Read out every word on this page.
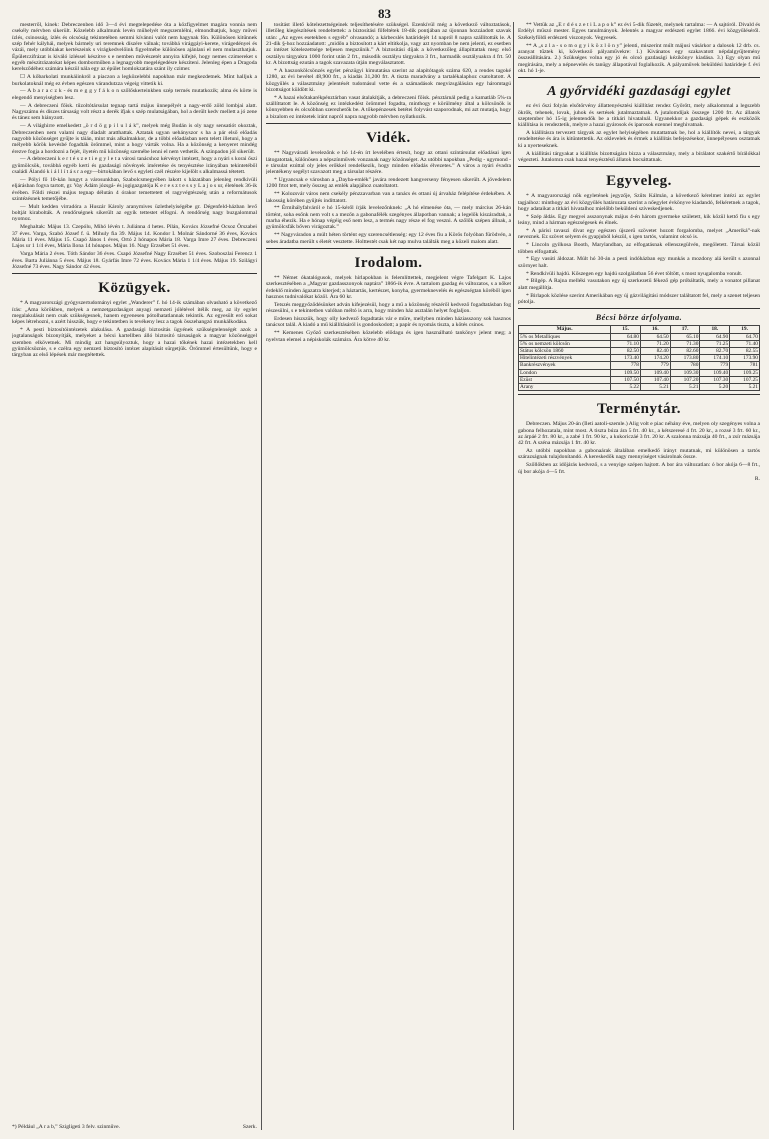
83

mesterről, kinek: Debreczenben idő 3—4 évi megtelepedése óta a közfigyelmet magára vonnia nem csekély mérvben sikerült. Közelebb alkalmunk levén műhelyét megszemlélni, elmondhatjuk, hogy művei ízlés, csinosság, ízlés és olcsóság tekintetében semmi kívánni valót nem hagynak fön. Különösen kitűnnek szép fehér kályhái, melyek bármely uri teremnek díszére válnak; továbbá virággáyi-kerete, virágedényei és vázái, mely utóbbiakat kertészeink s virágkedvelőink figyelmébe különösen ajánlani el nem mulaszthatjuk. Épületczifrázat is kiváló izléssel készítve s e nemben művészetét annyira kifejté, hogy nemes czimereket s egyéb mészitrázatokat képes domborműben a legnagyobb megelégedésre készíteni. Jelenleg épen a Dragoda kerelsződéhez számára készül nála egy az épület homlokzatára szánt ily czimer.

☐ A kőbarkolati munkáiinkról a piaczon a legközelebbi napokban már megkezdetnek. Mint halljuk a burkolatoknál még ez évben egészen várandutzza végeig vittetik ki.

— A b a r a c z k - és m e g g y f á k o n szőlőskerteinkben szép termés mutatkozik; alma és körte is elegendő menyiségben lesz.

— A debreczeni főisk. tűzoltótársulat tegnap tartá május ünnepélyét a nagy-erdő zöld lombjai alatt. Nagyszámu és díszes társaság volt részt a derék ifjak s szép mulatságában, hol a derült kedv mellett a jó zene és tánez sem hiányzott.

— A világhirre emelkedett „ö r d ö g p i l u l á k”, melyek még Budán is oly nagy sensatiót okoztak, Debreczenben nem valami nagy diadalt aratthattak. Aztatak ugyan uehányszor s ha a pár első előadás nagyobb közönséget gyűjte is táián, mint más alkalmakkor, de a többi előadásban nem telett illetuni, hogy a mélyebb körök kevésbé fogadták örömmel, mint a hogy várták volna. Ha a közönség a kenyeret mindég érezve fogja a hordozni a fejét, ilyetén mű közönség szemébe lenni el nem vethetik. A szinpadon jól sikerült.

— A debreczeni k e r t é s z e t i e g y l e t a városi tanácshoz kérvényt intézett, hogy a nyári s korai őszi gyümölcsök, továbbá egyéb kerti és gazdasági növények iméretése és tenyésztése irányában tekintetéből családi Álandó k i á l l í t á s r a egy—birtokában levő s egyleti czél részére kijelölt s alkalmassá tétetett.

— Pólyi fő 10-kán lungyt a városunkban, Szabolcsmegyében lakott s házatában jelenleg rendkívüli eljárásban fogva tartott, gr. Vay Ádám józsgá- és jogigazgatója K e r e s z t e s s y L a j o s ur, életének 36-ik évében. Földi részei május tegnap délután 4 órakor temettetett el ragyvégtészség után a reformátusok szintézésnek temetőjébe.

— Mult kedden virradóra a Huszár Károly aranymives üzlethelyiségébe gr. Dégenfeld-házban levő boltját kirabolták. A rendőrségnek sikerült az egyik tettestet elfogni. A rendőrség nagy buzgalommal nyomoz.

Meghaltak: Május 13. Czepólu, Mihó lévén t. Juliánna 4 hetes. Pilán, Kovács Józsefné Ocsoz Örszabei 37 éves. Varga, Szabó József f. ü. Mihuly fia 39. Május 14. Kondor I. Molnár Sándorné 36 éves, Kovács Mária 11 éves. Május 15. Csapó János 1 éves, Ortó 2 hónapos Mária 18. Varga Imre 27 éves. Debreczeni Lajos ur 1 1/4 éves, Mária Ilona 14 hónapos. Május 16. Nagy Erzsébet 51 éves.

Varga Mária 2 éves. Tóth Sándor 36 éves. Csapó Józsefné Nagy Erzsébet 51 éves. Szoboszlai Ferencz 1 éves. Barta Juliánna 5 éves. Május 18. Gyárfás Imre 72 éves. Kovács Mária 1 1/4 éves. Május 19. Szilágyi Józsefné 73 éves. Nagy Sándor 42 éves.

Közügyek.

* A magyarországi gyógyszertudományi egylet „Wanderer” f. hó 14-ik számában olvasható a következő írás: „Ama körökben, melyek a nemzetgazdaságot anyagi nemzeti jólétével ítélik meg, az ily egylet megalakulását nem csak szükségesnek, hanem egyenesen pótolhatatlannak tekintik. Az egyesült erő sokat képes létrehozni, s azért hisszük, hogy e tekintetben is tevékeny lesz a tagok összehangzó munkálkodása.

* A pesti biztosítóintézetek alakulása. A gazdasági biztosítás ügyének szükségtelenségét azok a jogtalanságok bizonyítják, melyeket a bécsi kartellben álló biztosító társaságok a magyar közönséggel szemben elkövetnek. Mi mindig azt hangsúlyoztuk, hogy a hazai tőkének hazai intézetekben kell gyümölcsöznie, s e czélra egy nemzeti biztosító intézet alapítását sürgetjük. Örömmel értesültünk, hogy e tárgyban az első lépések már megtétettek.

*) Például „A r a b,” Szigligeti 3 felv. szinműve.	Szerk.

tosítást illető kötelezettségeinek teljesíthetésére szükségel. Ezenkívül még a következő változtatások, illetőleg kiegészítések rendeltettek: a biztosítási főfeltétek 18-dik pontjában az újonnan hozzáadott szavak után: „Az egyes esetekben s egyéb” olvasandó; a kárbecslés határidejét 14 napról 8 napra szállították le. A 21-dik §-hoz hozzáadatott: „midőn a biztosított a kárt eltitkolja, vagy azt nyomban be nem jelenti, ez esetben az intézet kötelezettsége teljesen megszűnik.” A biztosítási díjak a következőleg állapíttattak meg: első osztályu tárgyakra 1000 forint után 2 frt., második osztályu tárgyakra 3 frt., harmadik osztályuakra 4 frt. 50 kr. A bizottság ezután a tagok szavazata útján megválasztatott.

* A haszonkölcsönzés egylet pénzügyi kimutatása szerint az alapítótagok száma 620, a rendes tagoké 1280, az évi bevétel 48,900 frt., a kiadás 31,200 frt. A tiszta maradvány a tartalékalaphoz csatoltatott. A közgyűlés a választmány jelentését tudomásul vette és a számadások megvizsgálására egy háromtagú bizottságot küldött ki.

* A hazai elsőtakarékpénztárban vasat átalakítják, a debreczeni főisk. pénztárnál pedig a kamatláb 5%-ra szállíttatott le. A közönség ez intézkedést örömmel fogadta, minthogy e körülmény által a kölcsönök is könnyebben és olcsóbban szerezhetők be. A tőkepénzesek betétei folyvást szaporodnak, mi azt mutatja, hogy a bizalom ez intézetek iránt napról napra nagyobb mérvben nyilatkozik.

Vidék.

** Nagyváradi levelezőnk e hó 14-én írt levelében értesít, hogy az ottani színtársulat előadásai igen látogatottak, különösen a népszínművek vonzanak nagy közönséget. Az utóbbi napokban „Pedig - ugymond - e társulat ezúttal oly jeles erőkkel rendelkezik, hogy minden előadás élvezetes.” A város a nyári évadra jelentékeny segélyt szavazott meg a társulat részére.

* Ugyancsak e városban a „Dayba-emlék” javára rendezett hangverseny fényesen sikerült. A jövedelem 1200 frtot tett, mely összeg az emlék alapjához csatoltatott.

** Kolozsvár város nem csekély pénzzavarban van a tanács és ottani új árvaház felépítése érdekében. A lakosság körében gyűjtés indíttatott.

** Érmihályfalváról e hó 15-kéről írják levelezőnknek: „A hó elmenése óta, — mely március 26-kán történt, soha esőnk nem volt s a mezőn a gabonafélék szegényes állapotban vannak; a legelők kiszáradtak, a marha éhezik. Ha e hónap végéig eső nem lesz, a termés nagy része el fog veszni. A szőlők szépen állnak, a gyümölcsfák bőven virágoztak.”

** Nagyváradon a múlt héten történt egy szerencsétlenség: egy 12 éves fiu a Körös folyóban fürödvén, a sebes áradatba merült s életét vesztette. Holttestét csak két nap mulva találták meg a közeli malom alatt.

Irodalom.

** Német ókatalógusok, melyek hírlapokban is felemlíttettek, megjelent végre Tafelgart K. Lajos szerkesztésében a „Magyar gazdasszonyok naptára” 1866-ik évre. A tartalom gazdag és változatos, s a nőket érdeklő minden ágazatra kiterjed; a háztartás, kertészet, konyha, gyermeknevelés és egészségtan köréből igen hasznos tudnivalókat közöl. Ára 60 kr.

Tetszés meggyőződésünket adván kifejezésül, hogy a mű a közönség részéről kedvező fogadtatásban fog részesülni, s e tekintetben valóban méltó is arra, hogy minden ház asztalán helyet foglaljon.

Erdesen hiszszük, hogy olly kedvező fogadtatás vár e műre, mellyben minden háziasszony sok hasznos tanácsot talál. A kiadó a mű kiállításáról is gondoskodott; a papír és nyomás tiszta, a kötés csinos.

** Kemenes Győző szerkesztésében közelebb elődagu és igen használható tankönyv jelent meg; a nyelvtan elemei a népiskolák számára. Ára kötve 40 kr.

** Vettük az „E r d é s z e t i L a p o k” ez évi 5-dik füzetét, melynek tartalma: — A sajtóról. Divald és Erdélyi műszó mester. Egyes tanulmányok. Jelentés a magyar erdészeti egylet 1866. évi közgyűléséről. Székelyföldi erdészeti viszonyok. Vegyesek.

** A „s z l a - s o m o g y i k ö z l ö n y” jelenti, miszerint múlt májusi vásárkor a dalosok 12 drb. cs. aranyat tűztek ki, következő pályaművekre: 1.) Kivánatos egy szakavatott népdalgyűjtemény összeállítására. 2.) Szükséges volna egy jó és olcsó gazdasági kézikönyv kiadása. 3.) Egy olyan mű megírására, mely a népnevelés és tanügy állapotával foglalkozik. A pályaművek beküldési határideje f. évi okt. hó 1-je.

A győrvidéki gazdasági egylet

ez évi őszi folyán elsőtörvény állattenyésztési kiállítást rendez Győrött, mely alkalommal a legszebb ökrök, tehenek, lovak, juhok és sertések jutalmaztatnak. A jutalomdíjak összege 1200 frt. Az állatok szeptember hó 15-ig jelentendők be a titkári hivatalnál. Ugyanekkor a gazdasági gépek és eszközök kiállítása is rendeztetik, melyre a hazai gyárosok és iparosok ezennel meghivatnak.

A kiállításra tervezett tárgyak az egylet helyiségében mutattatnak be, hol a kiállítók nevei, a tárgyak rendeltetése és ára is kitüntettetik. Az oklevelek és érmek a kiállítás befejezésekor, ünnepélyesen osztatnak ki a nyerteseknek.

A kiállítási tárgyakat a kiállítás bizottságára bizza a választmány, mely a bírálatot szakértő bírálókkal végezteti. Jutalomra csak hazai tenyésztésű állatok bocsáttatnak.

Egyveleg.

* A magyarországi nők egyletének jegyzője, Szűts Kálmán, a következő kérelmet intézi az egylet tagjaihoz: minthogy az évi közgyűlés határozata szerint a nőegylet évkönyve kiadandó, felkéretnek a tagok, hogy adataikat a titkári hivatalhoz mielőbb beküldeni szíveskedjenek.

* Szép áldás. Egy megyei asszonynak május 4-én három gyermeke született, kik közül kettő fiu s egy leány, mind a hárman egészségesek és élnek.

* A párisi tavaszi divat egy egészen újszerű szövetet hozott forgalomba, melyet „Ameriká”-nak neveznek. Ez szövet selyem és gyapjuból készül, s igen tartós, valamint olcsó is.

* Lincoln gyilkosa Booth, Marylandban, az elfogatásnak ellenszegülvén, megöletett. Társai közül többen elfogattak.

* Egy vasúti áldozat. Múlt hó 30-án a pesti indóházban egy munkás a mozdony alá került s azonnal szörnyet halt.

* Rendkívüli hajdú. Kőszegen egy hajdú szolgálatban 56 évet töltött, s most nyugalomba vonult.

* Bilgép. A Rajna melléki vasutakon egy új szerkezetű fékező gép próbáltatik, mely a vonatot pillanat alatt megállítja.

* Birlapok közlése szerint Amerikában egy új gázvilágítási módszer találtatott fel, mely a szenet teljesen pótolja.

Bécsi börze árfolyama.
Május.	15.	16.	17.	18.	19.
5% os Metalliques	64.80	64.50	65.10	64.90	64.70
5% os nemzeti kölcsön	71.10	71.20	71.30	71.25	71.40
Státus kölcsön 1860	82.50	82.40	82.60	82.70	82.55
Hitelintézeti részvények	173.40	174.20	173.80	174.10	173.90
Bankrészvények	778	779	780	779	781
London	109.50	109.40	109.30	109.40	109.25
Ezüst	107.50	107.40	107.20	107.30	107.25
Arany	5.22	5.21	5.21	5.20	5.21
Terménytár.

Debreczen. Május 20-án (Ileti aatoli-szemle.) Alig volt e piac néhány éve, melyen oly szegényes volna a gabona felhozatala, mint most. A tiszta búza ára 5 frt. 40 kr., a kétszeresé 4 frt. 20 kr., a rozsé 3 frt. 60 kr., az árpáé 2 frt. 80 kr., a zabé 1 frt. 90 kr., a kukoriczáé 3 frt. 20 kr. A szalonna mázsája 40 frt., a zsír mázsája 42 frt. A széna mázsája 1 frt. 40 kr.

Az utóbbi napokban a gabonaárak általában emelkedő irányt mutatnak, mi különösen a tartós szárazságnak tulajdonítandó. A kereskedők nagy mennyiséget vásárolnak össze.

Szőllőkben az időjárás kedvező, s a venyige szépen hajtott. A bor ára változatlan: ó bor akója 6—8 frt., új bor akója 4—5 frt.

R.
